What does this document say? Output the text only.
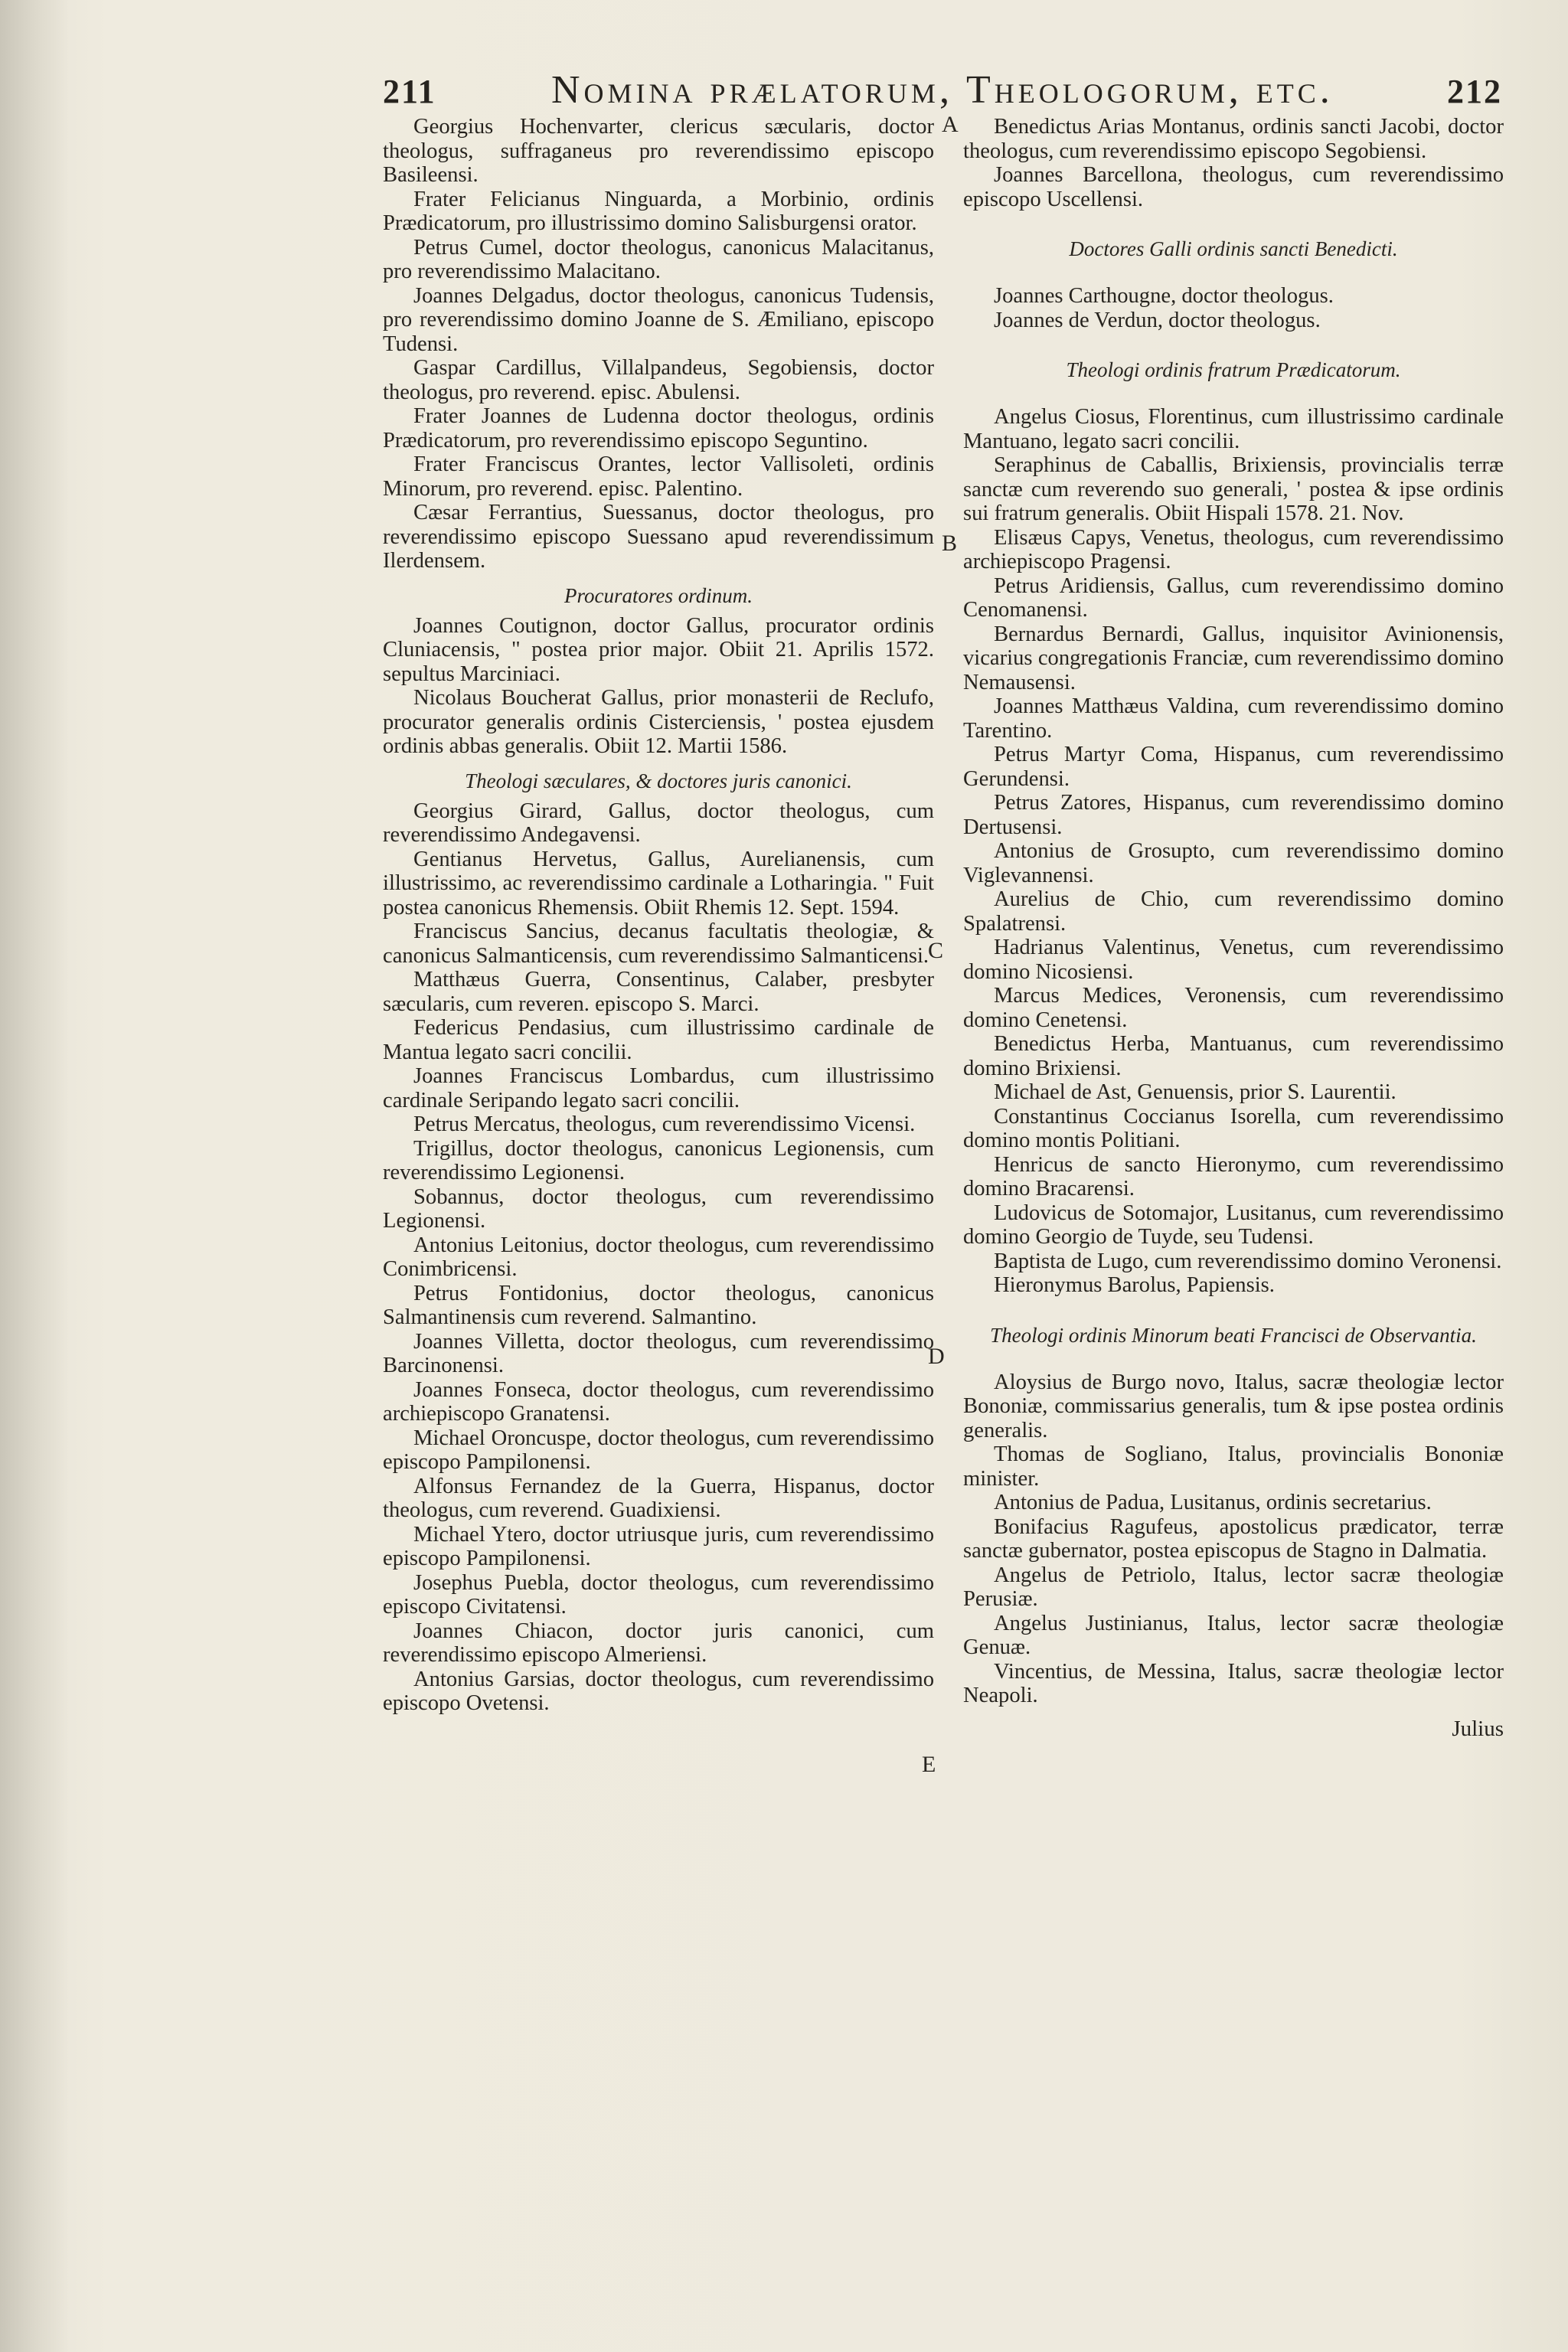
211	Nomina prælatorum, Theologorum, etc.	212
A
B
C
D
E

Georgius Hochenvarter, clericus sæcularis, doctor theologus, suffraganeus pro reverendissimo episcopo Basileensi.

Frater Felicianus Ninguarda, a Morbinio, ordinis Prædicatorum, pro illustrissimo domino Salisburgensi orator.

Petrus Cumel, doctor theologus, canonicus Malacitanus, pro reverendissimo Malacitano.

Joannes Delgadus, doctor theologus, canonicus Tudensis, pro reverendissimo domino Joanne de S. Æmiliano, episcopo Tudensi.

Gaspar Cardillus, Villalpandeus, Segobiensis, doctor theologus, pro reverend. episc. Abulensi.

Frater Joannes de Ludenna doctor theologus, ordinis Prædicatorum, pro reverendissimo episcopo Seguntino.

Frater Franciscus Orantes, lector Vallisoleti, ordinis Minorum, pro reverend. episc. Palentino.

Cæsar Ferrantius, Suessanus, doctor theologus, pro reverendissimo episcopo Suessano apud reverendissimum Ilerdensem.

Procuratores ordinum.

Joannes Coutignon, doctor Gallus, procurator ordinis Cluniacensis, " postea prior major. Obiit 21. Aprilis 1572. sepultus Marciniaci.

Nicolaus Boucherat Gallus, prior monasterii de Reclufo, procurator generalis ordinis Cisterciensis, ' postea ejusdem ordinis abbas generalis. Obiit 12. Martii 1586.

Theologi sæculares, & doctores juris canonici.

Georgius Girard, Gallus, doctor theologus, cum reverendissimo Andegavensi.

Gentianus Hervetus, Gallus, Aurelianensis, cum illustrissimo, ac reverendissimo cardinale a Lotharingia. " Fuit postea canonicus Rhemensis. Obiit Rhemis 12. Sept. 1594.

Franciscus Sancius, decanus facultatis theologiæ, & canonicus Salmanticensis, cum reverendissimo Salmanticensi.

Matthæus Guerra, Consentinus, Calaber, presbyter sæcularis, cum reveren. episcopo S. Marci.

Federicus Pendasius, cum illustrissimo cardinale de Mantua legato sacri concilii.

Joannes Franciscus Lombardus, cum illustrissimo cardinale Seripando legato sacri concilii.

Petrus Mercatus, theologus, cum reverendissimo Vicensi.

Trigillus, doctor theologus, canonicus Legionensis, cum reverendissimo Legionensi.

Sobannus, doctor theologus, cum reverendissimo Legionensi.

Antonius Leitonius, doctor theologus, cum reverendissimo Conimbricensi.

Petrus Fontidonius, doctor theologus, canonicus Salmantinensis cum reverend. Salmantino.

Joannes Villetta, doctor theologus, cum reverendissimo Barcinonensi.

Joannes Fonseca, doctor theologus, cum reverendissimo archiepiscopo Granatensi.

Michael Oroncuspe, doctor theologus, cum reverendissimo episcopo Pampilonensi.

Alfonsus Fernandez de la Guerra, Hispanus, doctor theologus, cum reverend. Guadixiensi.

Michael Ytero, doctor utriusque juris, cum reverendissimo episcopo Pampilonensi.

Josephus Puebla, doctor theologus, cum reverendissimo episcopo Civitatensi.

Joannes Chiacon, doctor juris canonici, cum reverendissimo episcopo Almeriensi.

Antonius Garsias, doctor theologus, cum reverendissimo episcopo Ovetensi.

Benedictus Arias Montanus, ordinis sancti Jacobi, doctor theologus, cum reverendissimo episcopo Segobiensi.

Joannes Barcellona, theologus, cum reverendissimo episcopo Uscellensi.

Doctores Galli ordinis sancti Benedicti.

Joannes Carthougne, doctor theologus.

Joannes de Verdun, doctor theologus.

Theologi ordinis fratrum Prædicatorum.

Angelus Ciosus, Florentinus, cum illustrissimo cardinale Mantuano, legato sacri concilii.

Seraphinus de Caballis, Brixiensis, provincialis terræ sanctæ cum reverendo suo generali, ' postea & ipse ordinis sui fratrum generalis. Obiit Hispali 1578. 21. Nov.

Elisæus Capys, Venetus, theologus, cum reverendissimo archiepiscopo Pragensi.

Petrus Aridiensis, Gallus, cum reverendissimo domino Cenomanensi.

Bernardus Bernardi, Gallus, inquisitor Avinionensis, vicarius congregationis Franciæ, cum reverendissimo domino Nemausensi.

Joannes Matthæus Valdina, cum reverendissimo domino Tarentino.

Petrus Martyr Coma, Hispanus, cum reverendissimo Gerundensi.

Petrus Zatores, Hispanus, cum reverendissimo domino Dertusensi.

Antonius de Grosupto, cum reverendissimo domino Viglevannensi.

Aurelius de Chio, cum reverendissimo domino Spalatrensi.

Hadrianus Valentinus, Venetus, cum reverendissimo domino Nicosiensi.

Marcus Medices, Veronensis, cum reverendissimo domino Cenetensi.

Benedictus Herba, Mantuanus, cum reverendissimo domino Brixiensi.

Michael de Ast, Genuensis, prior S. Laurentii.

Constantinus Coccianus Isorella, cum reverendissimo domino montis Politiani.

Henricus de sancto Hieronymo, cum reverendissimo domino Bracarensi.

Ludovicus de Sotomajor, Lusitanus, cum reverendissimo domino Georgio de Tuyde, seu Tudensi.

Baptista de Lugo, cum reverendissimo domino Veronensi.

Hieronymus Barolus, Papiensis.

Theologi ordinis Minorum beati Francisci de Observantia.

Aloysius de Burgo novo, Italus, sacræ theologiæ lector Bononiæ, commissarius generalis, tum & ipse postea ordinis generalis.

Thomas de Sogliano, Italus, provincialis Bononiæ minister.

Antonius de Padua, Lusitanus, ordinis secretarius.

Bonifacius Ragufeus, apostolicus prædicator, terræ sanctæ gubernator, postea episcopus de Stagno in Dalmatia.

Angelus de Petriolo, Italus, lector sacræ theologiæ Perusiæ.

Angelus Justinianus, Italus, lector sacræ theologiæ Genuæ.

Vincentius, de Messina, Italus, sacræ theologiæ lector Neapoli.

Julius
